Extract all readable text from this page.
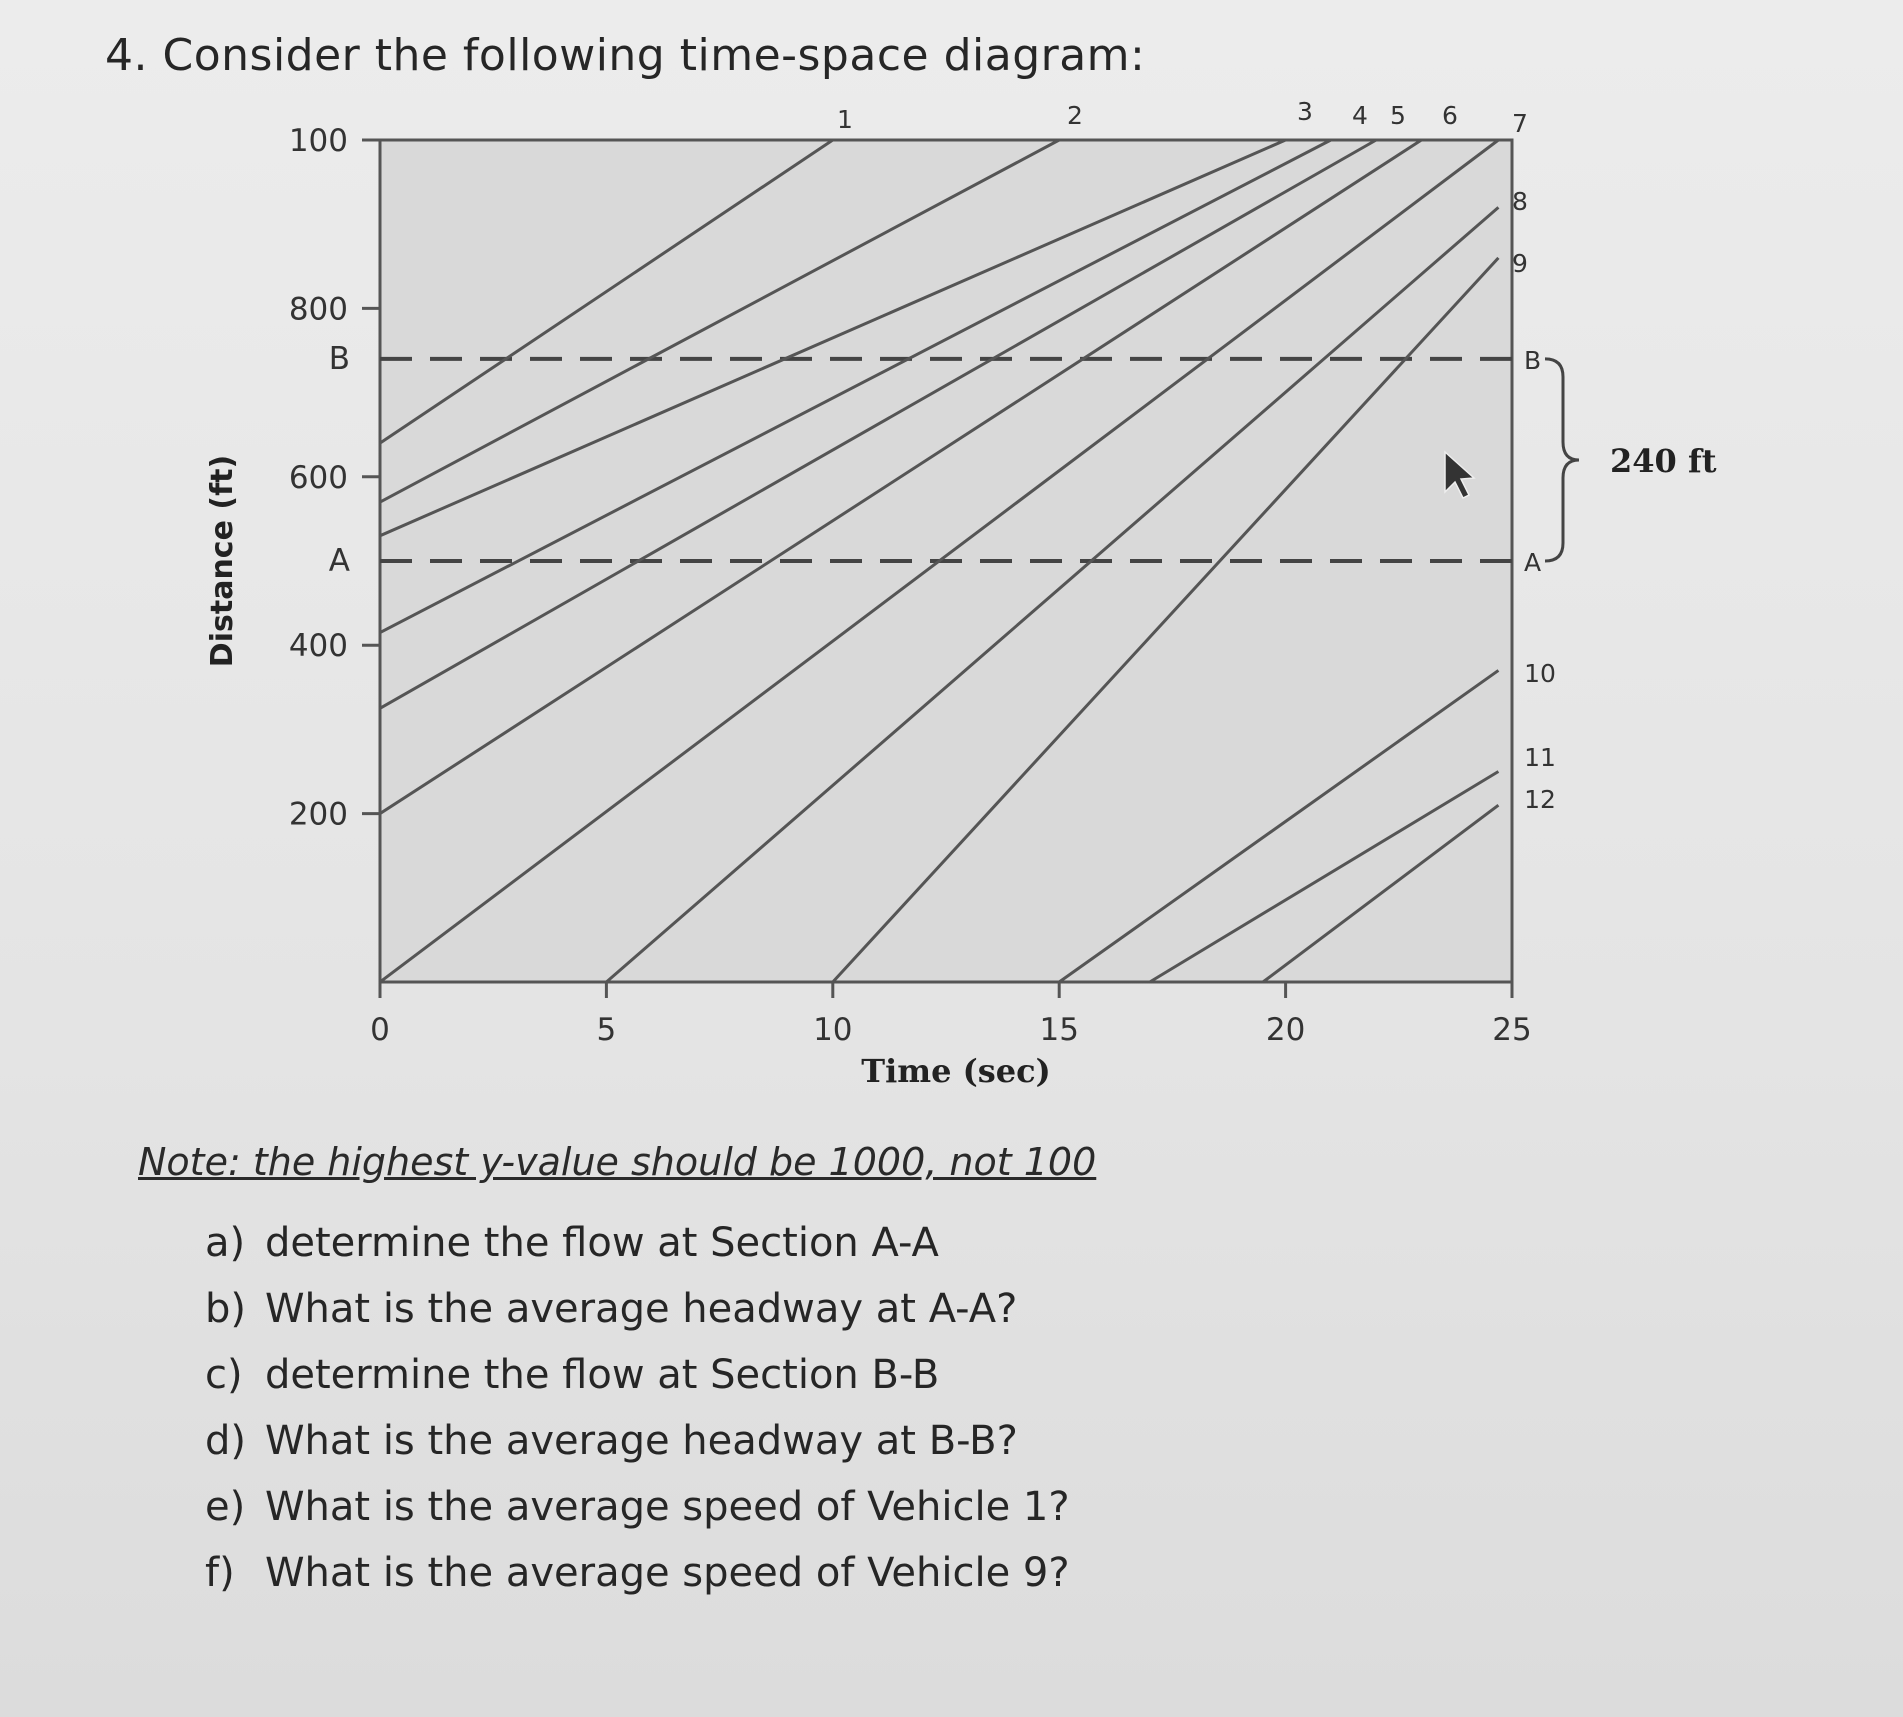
4. Consider the following time-space diagram:
200
400
600
800
100
0	5	10	15	20	25
Time (sec)
Distance (ft)	A	A
B	B
240 ft
1	2	3 4 5 6 7
8
9
10
11
12
Note: the highest y-value should be 1000, not 100
a) determine the flow at Section A-A
b) What is the average headway at A-A?
c) determine the flow at Section B-B
d) What is the average headway at B-B?
e) What is the average speed of Vehicle 1?
f) What is the average speed of Vehicle 9?
